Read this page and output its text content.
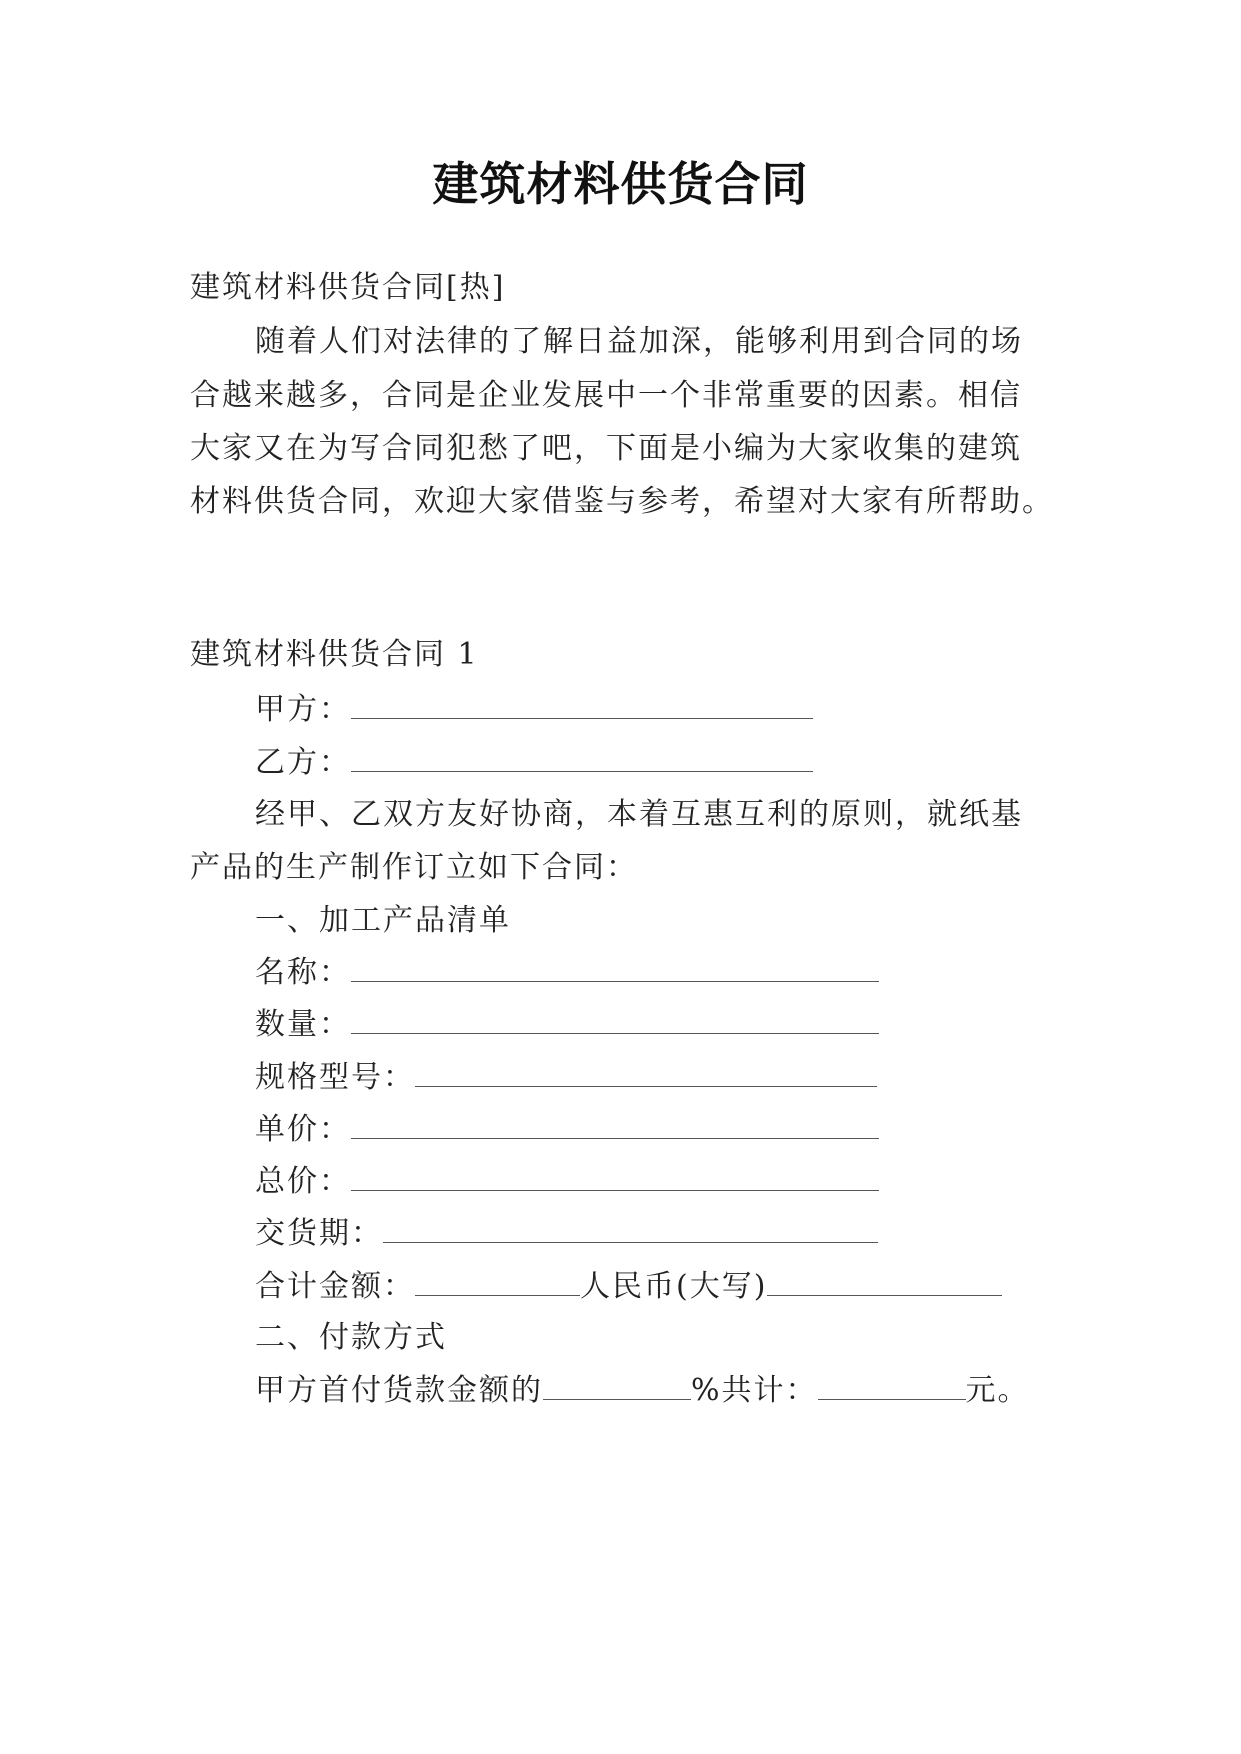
建筑材料供货合同
建筑材料供货合同[热]
随着人们对法律的了解日益加深，能够利用到合同的场
合越来越多，合同是企业发展中一个非常重要的因素。相信
大家又在为写合同犯愁了吧，下面是小编为大家收集的建筑
材料供货合同，欢迎大家借鉴与参考，希望对大家有所帮助。
建筑材料供货合同 1
甲方：
乙方：
经甲、乙双方友好协商，本着互惠互利的原则，就纸基
产品的生产制作订立如下合同：
一、加工产品清单
名称：
数量：
规格型号：
单价：
总价：
交货期：
合计金额：	人民币(大写)
二、付款方式
甲方首付货款金额的	%共计：	元。
